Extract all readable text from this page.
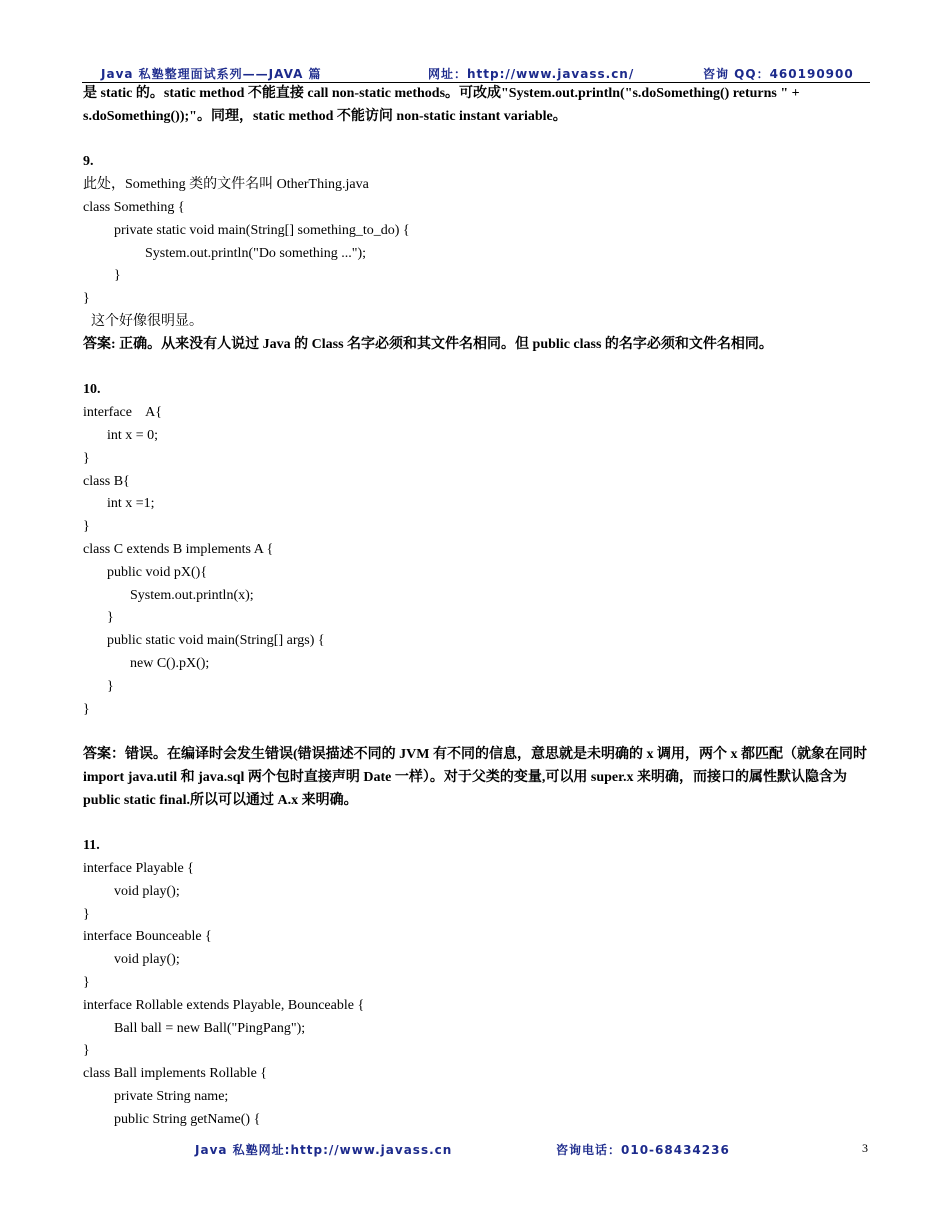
Java 私塾整理面试系列——JAVA 篇	网址：http://www.javass.cn/	咨询 QQ：460190900
是 static 的。static method 不能直接 call non-static methods。可改成"System.out.println("s.doSomething() returns " +
s.doSomething());"。同理，static method 不能访问 non-static instant variable。
9.
此处，Something 类的文件名叫 OtherThing.java
class Something {
private static void main(String[] something_to_do) {
System.out.println("Do something ...");
}
}
这个好像很明显。
答案: 正确。从来没有人说过 Java 的 Class 名字必须和其文件名相同。但 public class 的名字必须和文件名相同。
10.
interface    A{
int x = 0;
}
class B{
int x =1;
}
class C extends B implements A {
public void pX(){
System.out.println(x);
}
public static void main(String[] args) {
new C().pX();
}
}
答案：错误。在编译时会发生错误(错误描述不同的 JVM 有不同的信息，意思就是未明确的 x 调用，两个 x 都匹配（就象在同时 import java.util 和 java.sql 两个包时直接声明 Date 一样）。对于父类的变量,可以用 super.x 来明确，而接口的属性默认隐含为 public static final.所以可以通过 A.x 来明确。
11.
interface Playable {
void play();
}
interface Bounceable {
void play();
}
interface Rollable extends Playable, Bounceable {
Ball ball = new Ball("PingPang");
}
class Ball implements Rollable {
private String name;
public String getName() {
Java 私塾网址:http://www.javass.cn	咨询电话：010-68434236	3
